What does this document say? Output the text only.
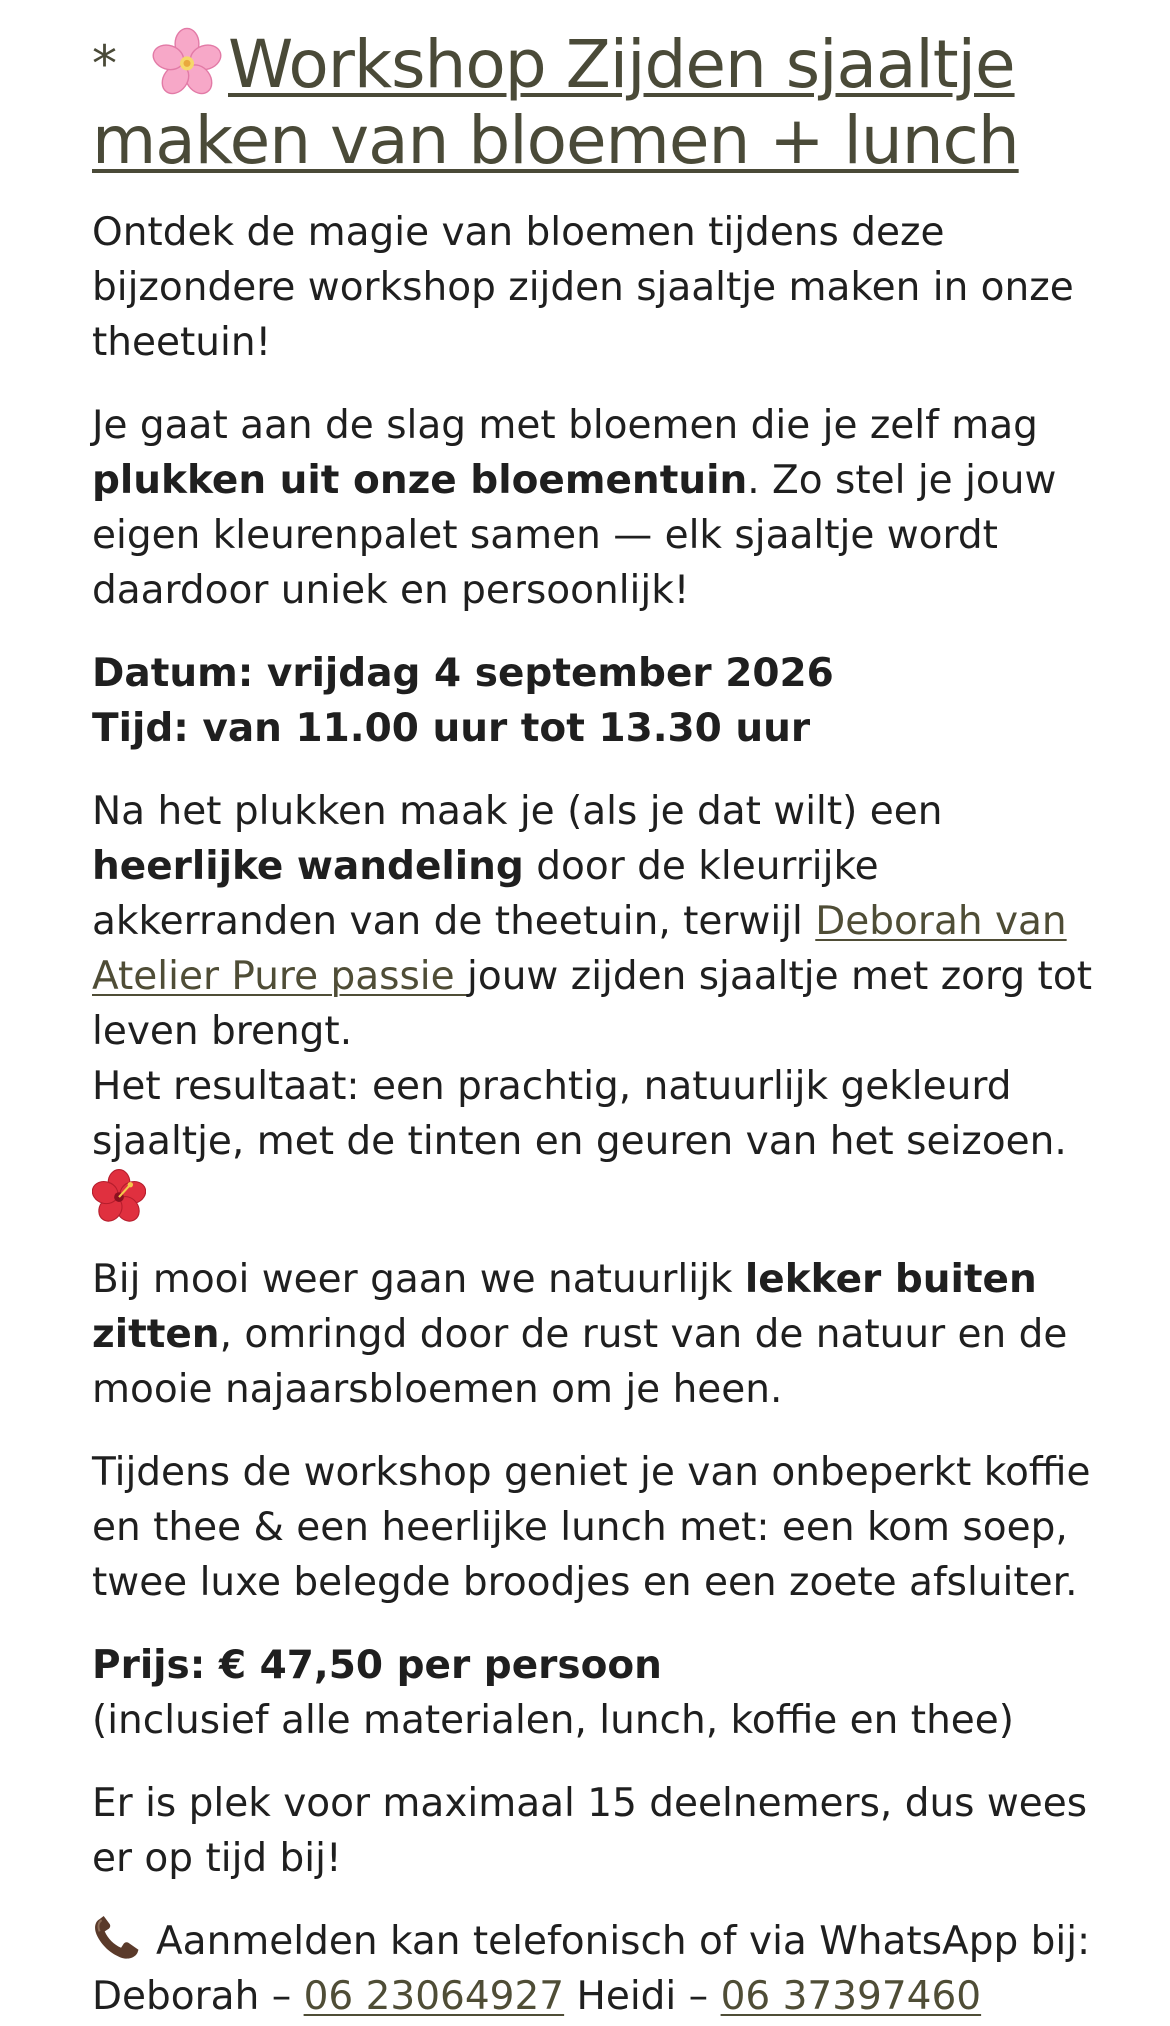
* Workshop Zijden sjaaltje
maken van bloemen + lunch

Ontdek de magie van bloemen tijdens deze bijzondere workshop zijden sjaaltje maken in onze theetuin!

Je gaat aan de slag met bloemen die je zelf mag plukken uit onze bloementuin. Zo stel je jouw eigen kleurenpalet samen — elk sjaaltje wordt daardoor uniek en persoonlijk!

Datum: vrijdag 4 september 2026
Tijd: van 11.00 uur tot 13.30 uur

Na het plukken maak je (als je dat wilt) een heerlijke wandeling door de kleurrijke akkerranden van de theetuin, terwijl Deborah van Atelier Pure passie jouw zijden sjaaltje met zorg tot leven brengt.
Het resultaat: een prachtig, natuurlijk gekleurd sjaaltje, met de tinten en geuren van het seizoen.

Bij mooi weer gaan we natuurlijk lekker buiten zitten, omringd door de rust van de natuur en de mooie najaarsbloemen om je heen.

Tijdens de workshop geniet je van onbeperkt koffie en thee & een heerlijke lunch met: een kom soep, twee luxe belegde broodjes en een zoete afsluiter.

Prijs: € 47,50 per persoon
(inclusief alle materialen, lunch, koffie en thee)

Er is plek voor maximaal 15 deelnemers, dus wees er op tijd bij!

Aanmelden kan telefonisch of via WhatsApp bij: Deborah – 06 23064927 Heidi – 06 37397460
